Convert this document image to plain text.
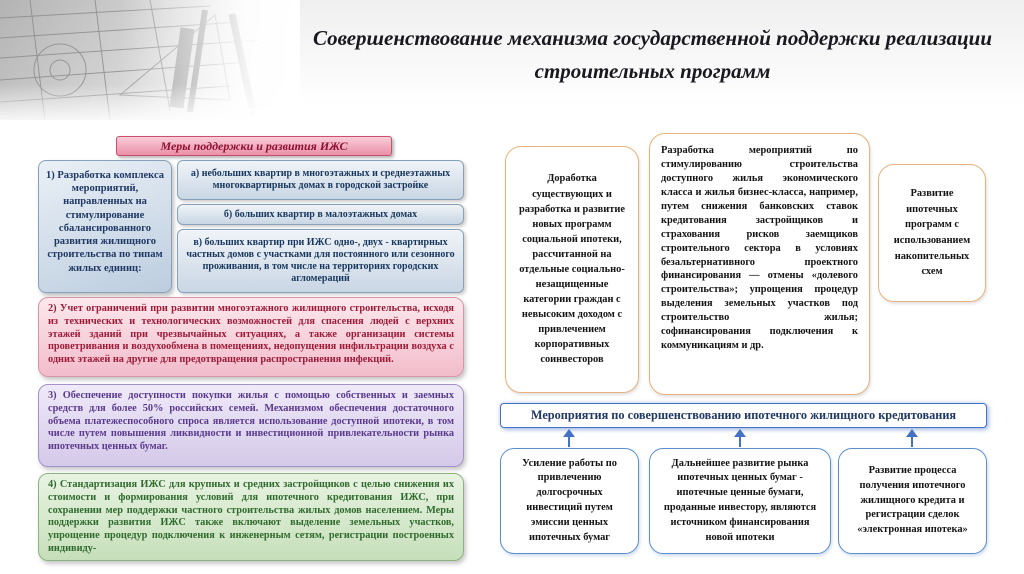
Совершенствование механизма государственной поддержки реализации строительных программ
Меры поддержки и развития ИЖС
1) Разработка комплекса мероприятий, направленных на стимулирование сбалансированного развития жилищного строительства по типам жилых единиц:
а) небольших квартир в многоэтажных и среднеэтажных многоквартирных домах в городской застройке
б) больших квартир в малоэтажных домах
в) больших квартир при ИЖС одно-, двух - квартирных частных домов с участками для постоянного или сезонного проживания, в том числе на территориях городских агломераций
2) Учет ограничений при развитии многоэтажного жилищного строительства, исходя из технических и технологических возможностей для спасения людей с верхних этажей зданий при чрезвычайных ситуациях, а также организации системы проветривания и воздухообмена в помещениях, недопущения инфильтрации воздуха с одних этажей на другие для предотвращения распространения инфекций.
3) Обеспечение доступности покупки жилья с помощью собственных и заемных средств для более 50% российских семей. Механизмом обеспечения достаточного объема платежеспособного спроса является использование доступной ипотеки, в том числе путем повышения ликвидности и инвестиционной привлекательности рынка ипотечных ценных бумаг.
4) Стандартизация ИЖС для крупных и средних застройщиков с целью снижения их стоимости и формирования условий для ипотечного кредитования ИЖС, при сохранении мер поддержки частного строительства жилых домов населением. Меры поддержки развития ИЖС также включают выделение земельных участков, упрощение процедур подключения к инженерным сетям, регистрации построенных индивиду-
Доработка существующих и разработка и развитие новых программ социальной ипотеки, рассчитанной на отдельные социально-незащищенные категории граждан с невысоким доходом с привлечением корпоративных соинвесторов
Разработка мероприятий по стимулированию строительства доступного жилья экономического класса и жилья бизнес-класса, например, путем снижения банковских ставок кредитования застройщиков и страхования рисков заемщиков строительного сектора в условиях безальтернативного проектного финансирования — отмены «долевого строительства»; упрощения процедур выделения земельных участков под строительство жилья; софинансирования подключения к коммуникациям и др.
Развитие ипотечных программ с использованием накопительных схем
Мероприятия по совершенствованию ипотечного жилищного кредитования
Усиление работы по привлечению долгосрочных инвестиций путем эмиссии ценных ипотечных бумаг
Дальнейшее развитие рынка ипотечных ценных бумаг - ипотечные ценные бумаги, проданные инвестору, являются источником финансирования новой ипотеки
Развитие процесса получения ипотечного жилищного кредита и регистрации сделок «электронная ипотека»
